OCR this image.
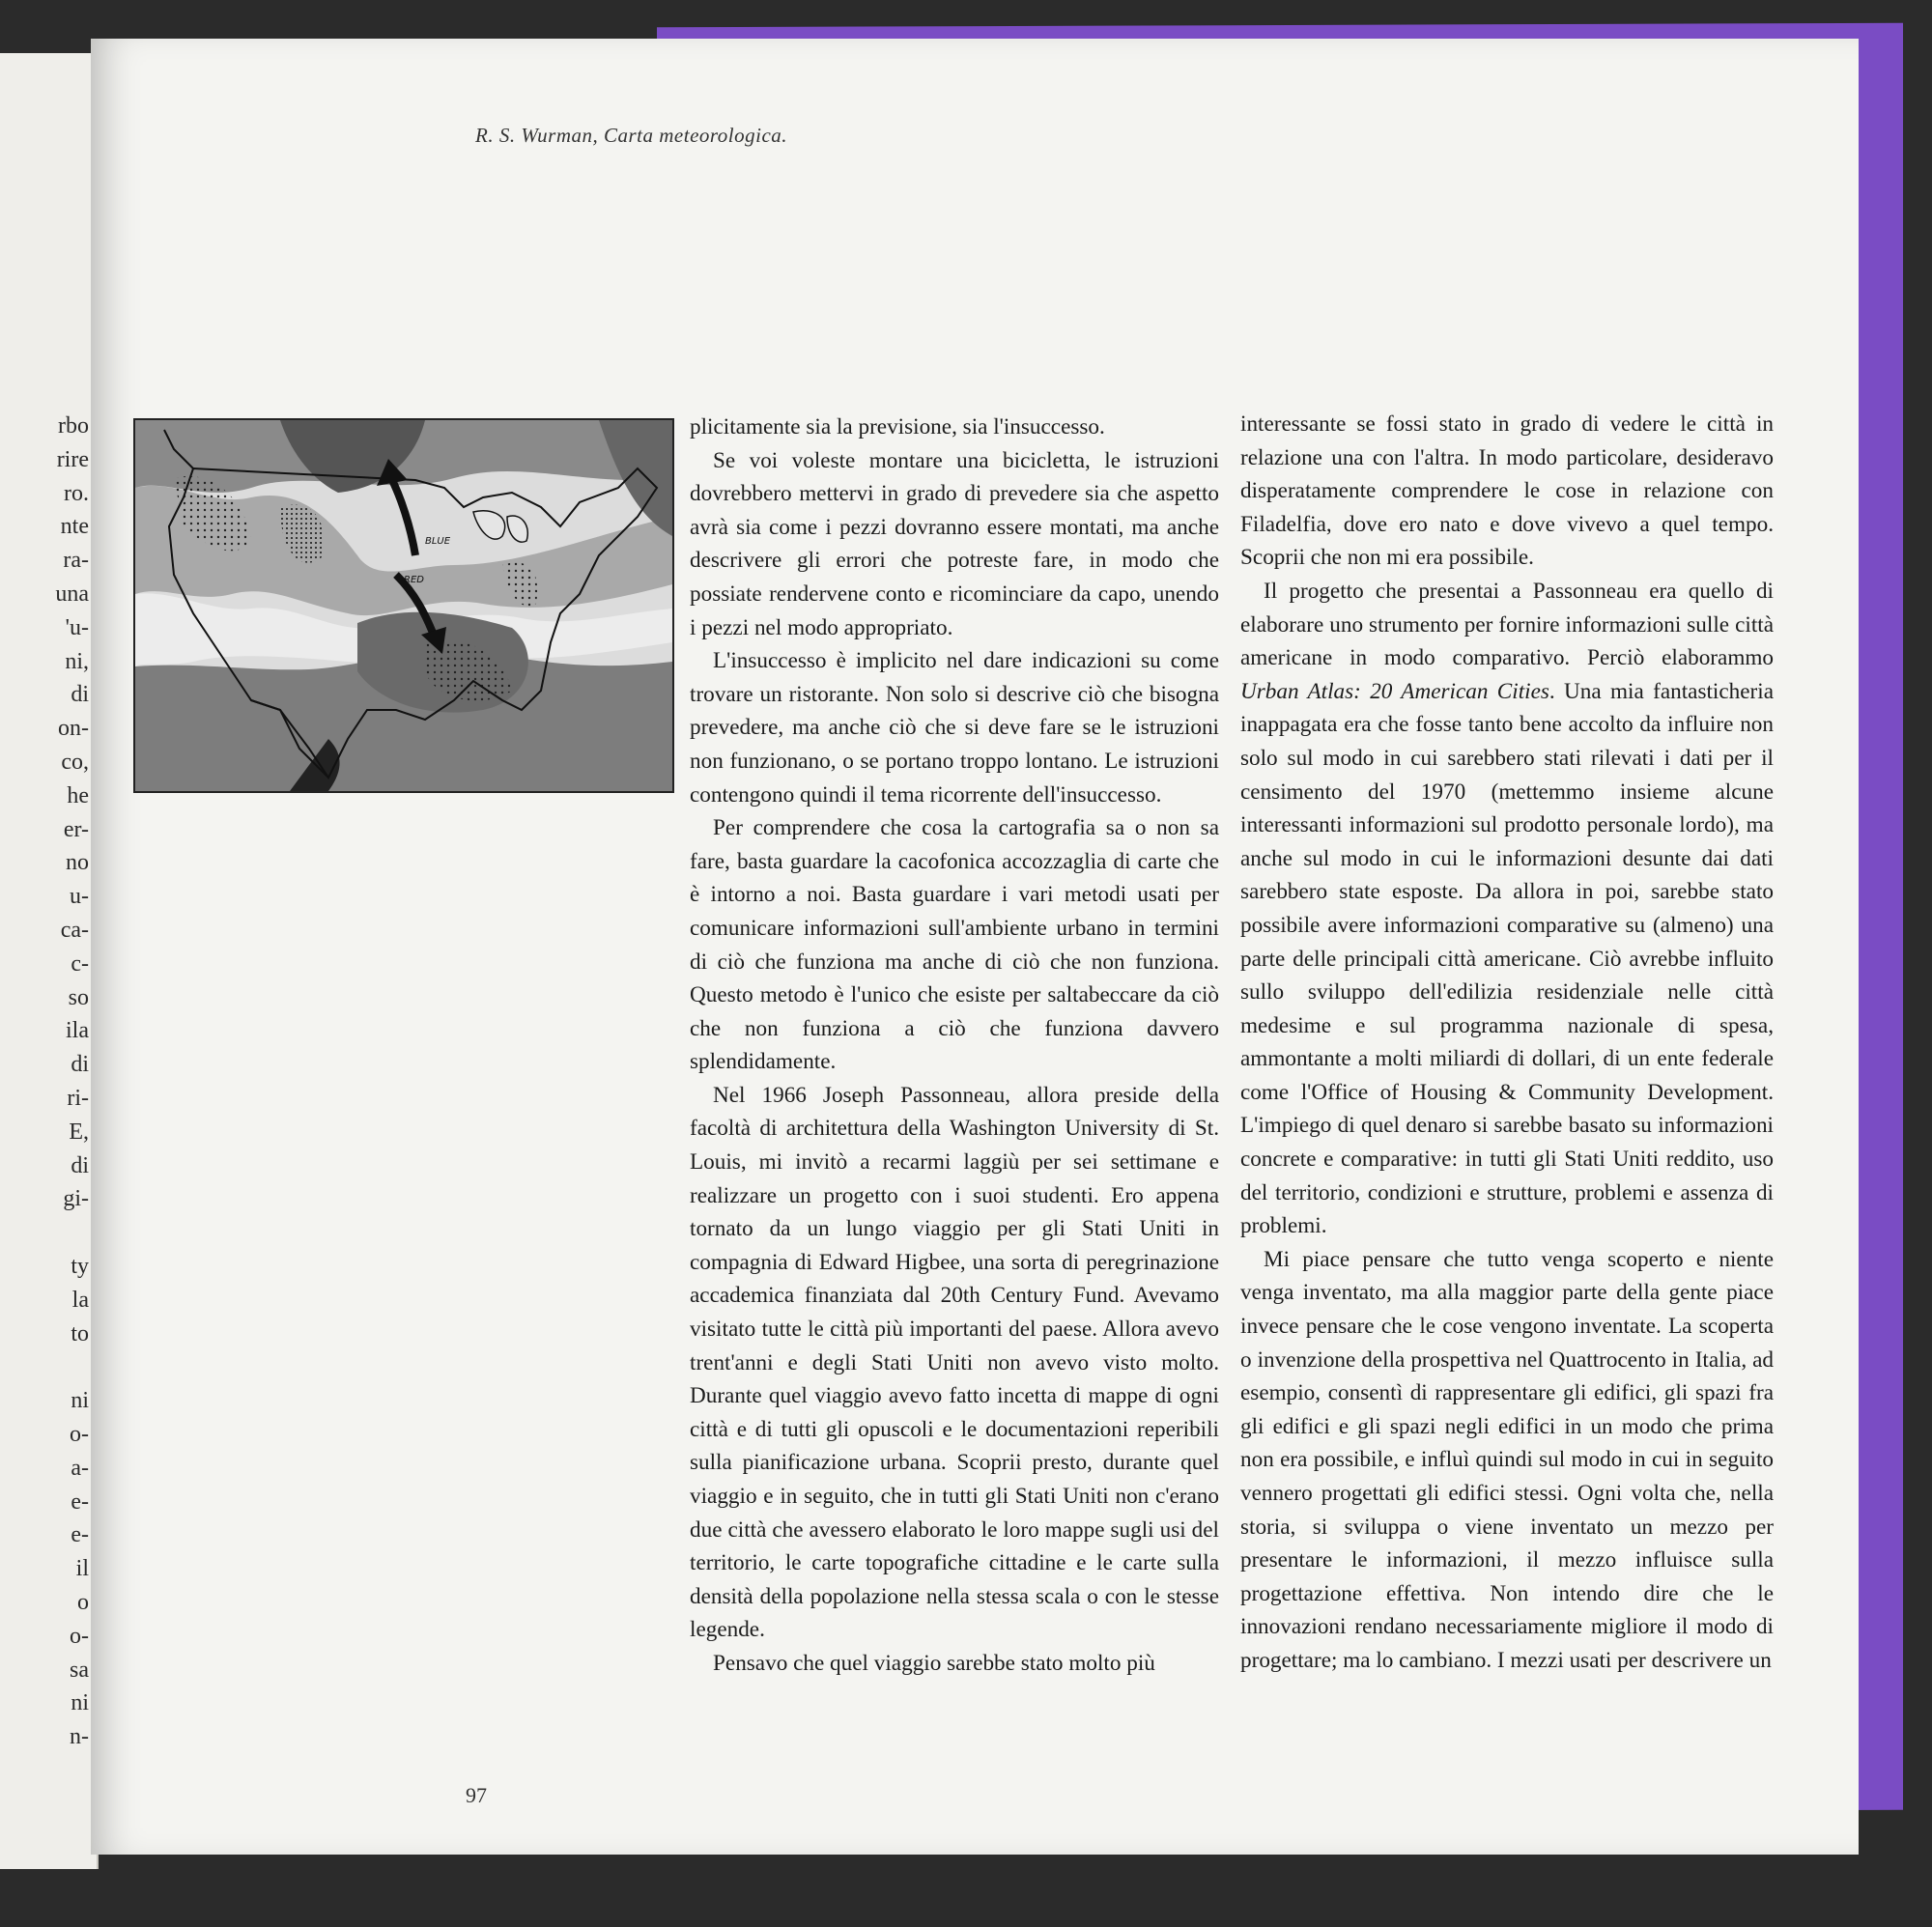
rbo
rire
ro.
nte
ra-
una
'u-
ni,
di
on-
co,
he
er-
no
u-
ca-
c-
so
ila
di
ri-
E,
di
gi-
ty
la
to
ni
o-
a-
e-
e-
il
o
o-
sa
ni
n-
R. S. Wurman, Carta meteorologica.
BLUE
RED

plicitamente sia la previsione, sia l'insuccesso.

Se voi voleste montare una bicicletta, le istruzioni dovrebbero mettervi in grado di prevedere sia che aspetto avrà sia come i pezzi dovranno essere montati, ma anche descrivere gli errori che potreste fare, in modo che possiate rendervene conto e ricominciare da capo, unendo i pezzi nel modo appropriato.

L'insuccesso è implicito nel dare indicazioni su come trovare un ristorante. Non solo si descrive ciò che bisogna prevedere, ma anche ciò che si deve fare se le istruzioni non funzionano, o se portano troppo lontano. Le istruzioni contengono quindi il tema ricorrente dell'insuccesso.

Per comprendere che cosa la cartografia sa o non sa fare, basta guardare la cacofonica accozzaglia di carte che è intorno a noi. Basta guardare i vari metodi usati per comunicare informazioni sull'ambiente urbano in termini di ciò che funziona ma anche di ciò che non funziona. Questo metodo è l'unico che esiste per saltabeccare da ciò che non funziona a ciò che funziona davvero splendidamente.

Nel 1966 Joseph Passonneau, allora preside della facoltà di architettura della Washington University di St. Louis, mi invitò a recarmi laggiù per sei settimane e realizzare un progetto con i suoi studenti. Ero appena tornato da un lungo viaggio per gli Stati Uniti in compagnia di Edward Higbee, una sorta di peregrinazione accademica finanziata dal 20th Century Fund. Avevamo visitato tutte le città più importanti del paese. Allora avevo trent'anni e degli Stati Uniti non avevo visto molto. Durante quel viaggio avevo fatto incetta di mappe di ogni città e di tutti gli opuscoli e le documentazioni reperibili sulla pianificazione urbana. Scoprii presto, durante quel viaggio e in seguito, che in tutti gli Stati Uniti non c'erano due città che avessero elaborato le loro mappe sugli usi del territorio, le carte topografiche cittadine e le carte sulla densità della popolazione nella stessa scala o con le stesse legende.

Pensavo che quel viaggio sarebbe stato molto più

interessante se fossi stato in grado di vedere le città in relazione una con l'altra. In modo particolare, desideravo disperatamente comprendere le cose in relazione con Filadelfia, dove ero nato e dove vivevo a quel tempo. Scoprii che non mi era possibile.

Il progetto che presentai a Passonneau era quello di elaborare uno strumento per fornire informazioni sulle città americane in modo comparativo. Perciò elaborammo Urban Atlas: 20 American Cities. Una mia fantasticheria inappagata era che fosse tanto bene accolto da influire non solo sul modo in cui sarebbero stati rilevati i dati per il censimento del 1970 (mettemmo insieme alcune interessanti informazioni sul prodotto personale lordo), ma anche sul modo in cui le informazioni desunte dai dati sarebbero state esposte. Da allora in poi, sarebbe stato possibile avere informazioni comparative su (almeno) una parte delle principali città americane. Ciò avrebbe influito sullo sviluppo dell'edilizia residenziale nelle città medesime e sul programma nazionale di spesa, ammontante a molti miliardi di dollari, di un ente federale come l'Office of Housing & Community Development. L'impiego di quel denaro si sarebbe basato su informazioni concrete e comparative: in tutti gli Stati Uniti reddito, uso del territorio, condizioni e strutture, problemi e assenza di problemi.

Mi piace pensare che tutto venga scoperto e niente venga inventato, ma alla maggior parte della gente piace invece pensare che le cose vengono inventate. La scoperta o invenzione della prospettiva nel Quattrocento in Italia, ad esempio, consentì di rappresentare gli edifici, gli spazi fra gli edifici e gli spazi negli edifici in un modo che prima non era possibile, e influì quindi sul modo in cui in seguito vennero progettati gli edifici stessi. Ogni volta che, nella storia, si sviluppa o viene inventato un mezzo per presentare le informazioni, il mezzo influisce sulla progettazione effettiva. Non intendo dire che le innovazioni rendano necessariamente migliore il modo di progettare; ma lo cambiano. I mezzi usati per descrivere un

97
